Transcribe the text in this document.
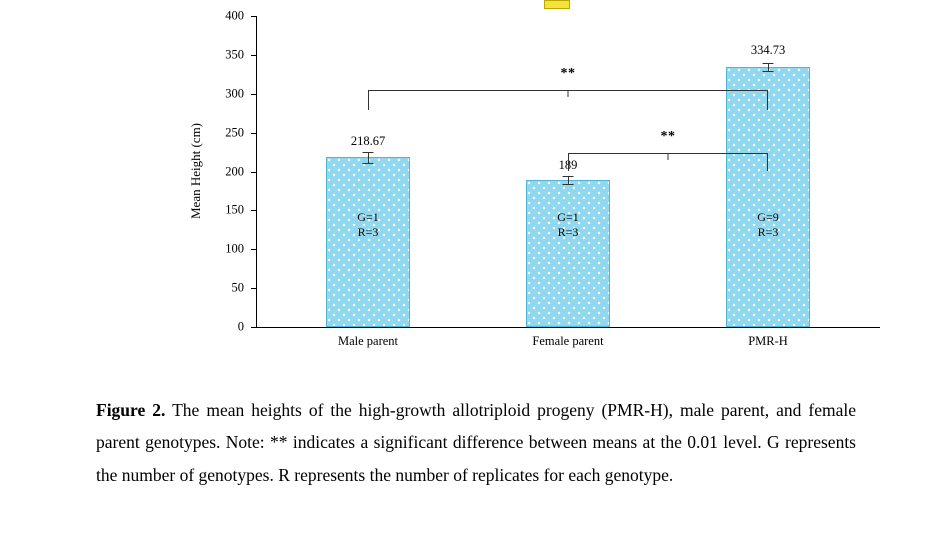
Mean Height (cm)
0
50
100
150
200
250
300
350
400
218.67
G=1
R=3
Male parent
189
G=1
R=3
Female parent
334.73
G=9
R=3
PMR-H
**
**
Figure 2. The mean heights of the high-growth allotriploid progeny (PMR-H), male parent, and female parent genotypes. Note: ** indicates a significant difference between means at the 0.01 level. G represents the number of genotypes. R represents the number of replicates for each genotype.
